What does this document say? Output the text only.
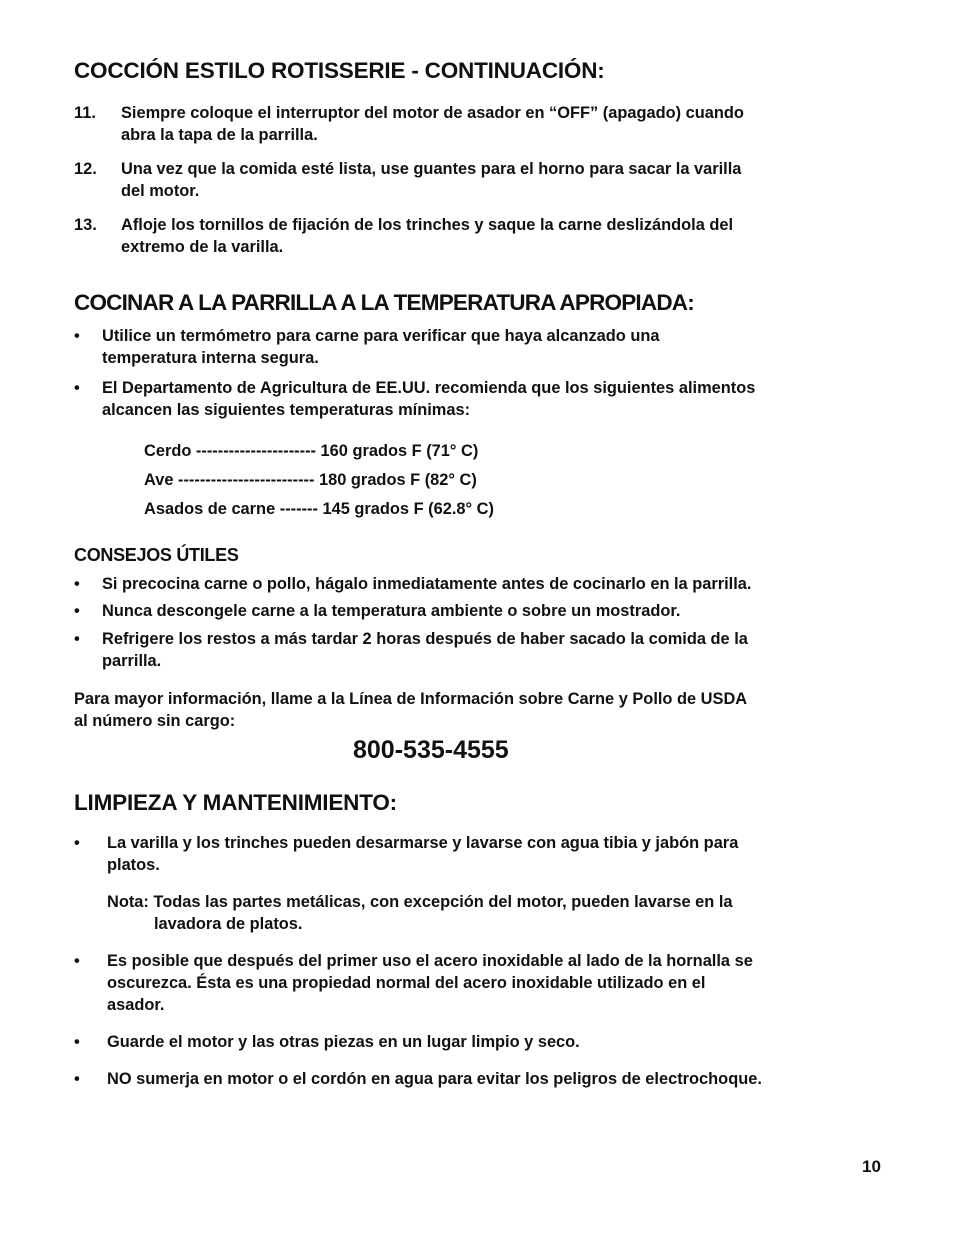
COCCIÓN ESTILO ROTISSERIE - CONTINUACIÓN:
11. Siempre coloque el interruptor del motor de asador en “OFF” (apagado) cuando
abra la tapa de la parrilla.
12. Una vez que la comida esté lista, use guantes para el horno para sacar la varilla
del motor.
13. Afloje los tornillos de fijación de los trinches y saque la carne deslizándola del
extremo de la varilla.
COCINAR A LA PARRILLA A LA TEMPERATURA APROPIADA:
• Utilice un termómetro para carne para verificar que haya alcanzado una
temperatura interna segura.
• El Departamento de Agricultura de EE.UU. recomienda que los siguientes alimentos
alcancen las siguientes temperaturas mínimas:
Cerdo ---------------------- 160 grados F (71° C)
Ave ------------------------- 180 grados F (82° C)
Asados de carne ------- 145 grados F (62.8° C)
CONSEJOS ÚTILES
• Si precocina carne o pollo, hágalo inmediatamente antes de cocinarlo en la parrilla.
• Nunca descongele carne a la temperatura ambiente o sobre un mostrador.
• Refrigere los restos a más tardar 2 horas después de haber sacado la comida de la
parrilla.
Para mayor información, llame a la Línea de Información sobre Carne y Pollo de USDA
al número sin cargo:
800-535-4555
LIMPIEZA Y MANTENIMIENTO:
• La varilla y los trinches pueden desarmarse y lavarse con agua tibia y jabón para
platos.
Nota: Todas las partes metálicas, con excepción del motor, pueden lavarse en la
lavadora de platos.
• Es posible que después del primer uso el acero inoxidable al lado de la hornalla se
oscurezca. Ésta es una propiedad normal del acero inoxidable utilizado en el
asador.
• Guarde el motor y las otras piezas en un lugar limpio y seco.
• NO sumerja en motor o el cordón en agua para evitar los peligros de electrochoque.
10
